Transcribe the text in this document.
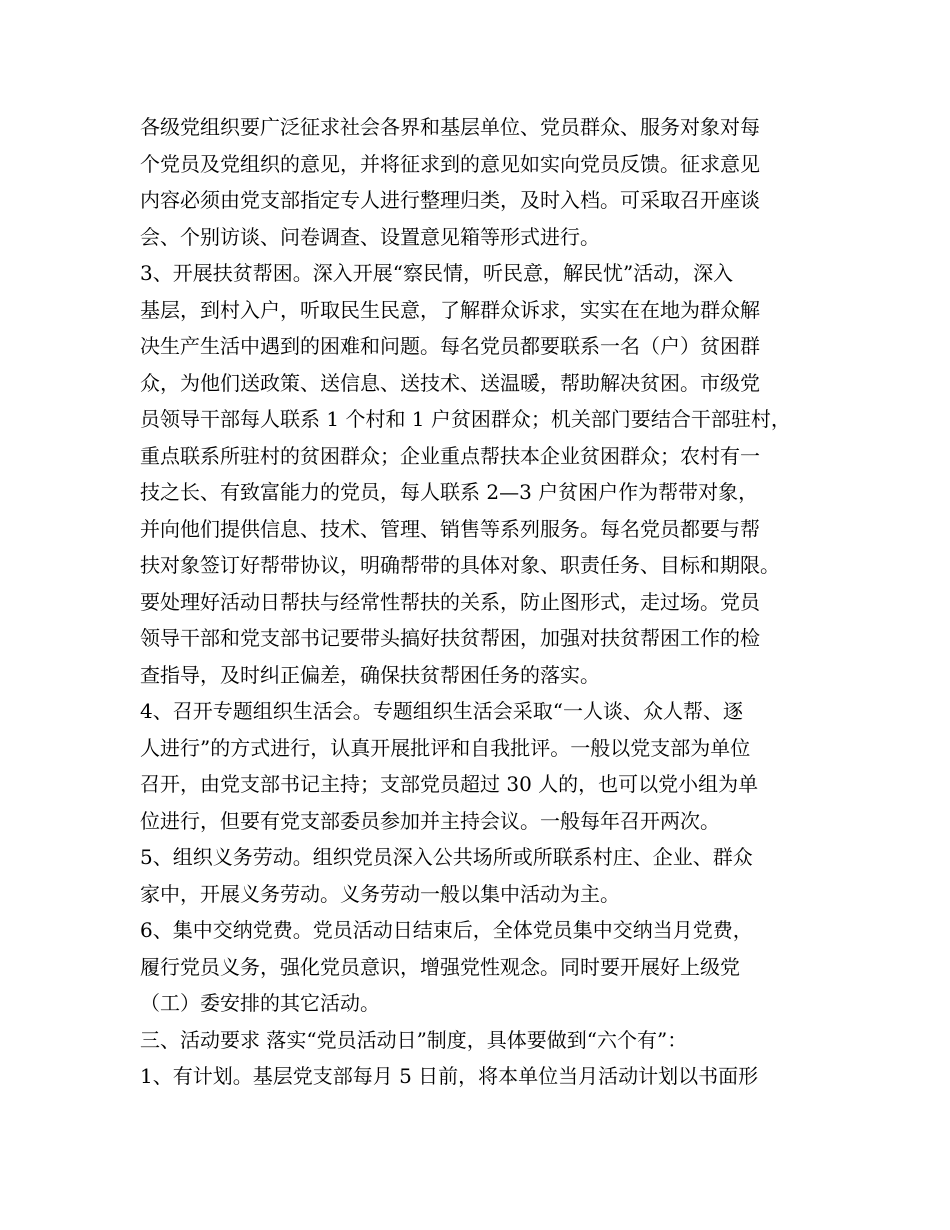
各级党组织要广泛征求社会各界和基层单位、党员群众、服务对象对每
个党员及党组织的意见，并将征求到的意见如实向党员反馈。征求意见
内容必须由党支部指定专人进行整理归类，及时入档。可采取召开座谈
会、个别访谈、问卷调查、设置意见箱等形式进行。
3、开展扶贫帮困。深入开展“察民情，听民意，解民忧”活动，深入
基层，到村入户，听取民生民意，了解群众诉求，实实在在地为群众解
决生产生活中遇到的困难和问题。每名党员都要联系一名（户）贫困群
众，为他们送政策、送信息、送技术、送温暖，帮助解决贫困。市级党
员领导干部每人联系 1 个村和 1 户贫困群众；机关部门要结合干部驻村，
重点联系所驻村的贫困群众；企业重点帮扶本企业贫困群众；农村有一
技之长、有致富能力的党员，每人联系 2—3 户贫困户作为帮带对象，
并向他们提供信息、技术、管理、销售等系列服务。每名党员都要与帮
扶对象签订好帮带协议，明确帮带的具体对象、职责任务、目标和期限。
要处理好活动日帮扶与经常性帮扶的关系，防止图形式，走过场。党员
领导干部和党支部书记要带头搞好扶贫帮困，加强对扶贫帮困工作的检
查指导，及时纠正偏差，确保扶贫帮困任务的落实。
4、召开专题组织生活会。专题组织生活会采取“一人谈、众人帮、逐
人进行”的方式进行，认真开展批评和自我批评。一般以党支部为单位
召开，由党支部书记主持；支部党员超过 30 人的，也可以党小组为单
位进行，但要有党支部委员参加并主持会议。一般每年召开两次。
5、组织义务劳动。组织党员深入公共场所或所联系村庄、企业、群众
家中，开展义务劳动。义务劳动一般以集中活动为主。
6、集中交纳党费。党员活动日结束后，全体党员集中交纳当月党费，
履行党员义务，强化党员意识，增强党性观念。同时要开展好上级党
（工）委安排的其它活动。
三、活动要求 落实“党员活动日”制度，具体要做到“六个有”：
1、有计划。基层党支部每月 5 日前，将本单位当月活动计划以书面形
